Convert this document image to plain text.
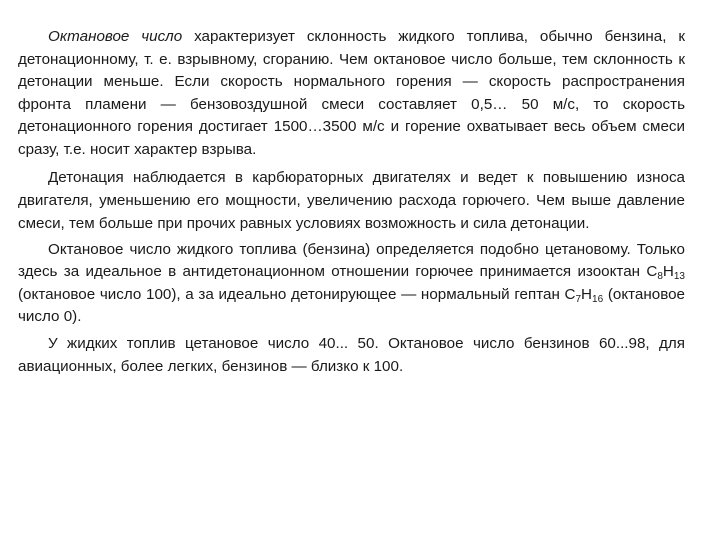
Октановое число характеризует склонность жидкого топлива, обычно бензина, к детонационному, т. е. взрывному, сгоранию. Чем октановое число больше, тем склонность к детонации меньше. Если скорость нормального горения — скорость распространения фронта пламени — бензовоздушной смеси составляет 0,5… 50 м/с, то скорость детонационного горения достигает 1500…3500 м/с и горение охватывает весь объем смеси сразу, т.е. носит характер взрыва.

Детонация наблюдается в карбюраторных двигателях и ведет к повышению износа двигателя, уменьшению его мощности, увеличению расхода горючего. Чем выше давление смеси, тем больше при прочих равных условиях возможность и сила детонации.

Октановое число жидкого топлива (бензина) определяется подобно цетановому. Только здесь за идеальное в антидетонационном отношении горючее принимается изооктан $C_8H_{13}$ (октановое число 100), а за идеально детонирующее — нормальный гептан $C_7H_{16}$ (октановое число 0).

У жидких топлив цетановое число 40... 50. Октановое число бензинов 60...98, для авиационных, более легких, бензинов — близко к 100.
